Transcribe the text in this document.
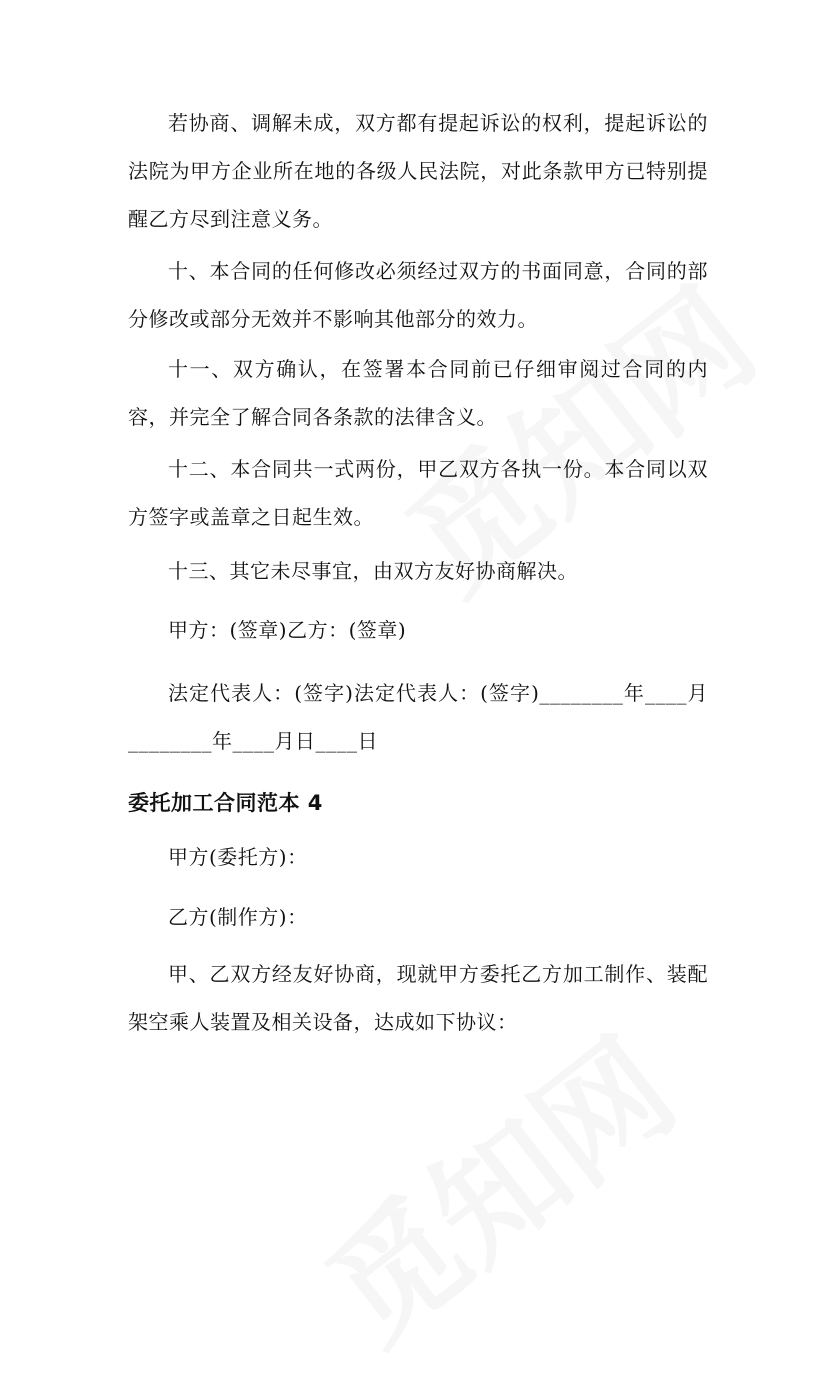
若协商、调解未成，双方都有提起诉讼的权利，提起诉讼的法院为甲方企业所在地的各级人民法院，对此条款甲方已特别提醒乙方尽到注意义务。

十、本合同的任何修改必须经过双方的书面同意，合同的部分修改或部分无效并不影响其他部分的效力。

十一、双方确认，在签署本合同前已仔细审阅过合同的内容，并完全了解合同各条款的法律含义。

十二、本合同共一式两份，甲乙双方各执一份。本合同以双方签字或盖章之日起生效。

十三、其它未尽事宜，由双方友好协商解决。

甲方：(签章)乙方：(签章)

法定代表人：(签字)法定代表人：(签字)________年____月________年____月日____日

委托加工合同范本 4

甲方(委托方)：

乙方(制作方)：

甲、乙双方经友好协商，现就甲方委托乙方加工制作、装配架空乘人装置及相关设备，达成如下协议：
